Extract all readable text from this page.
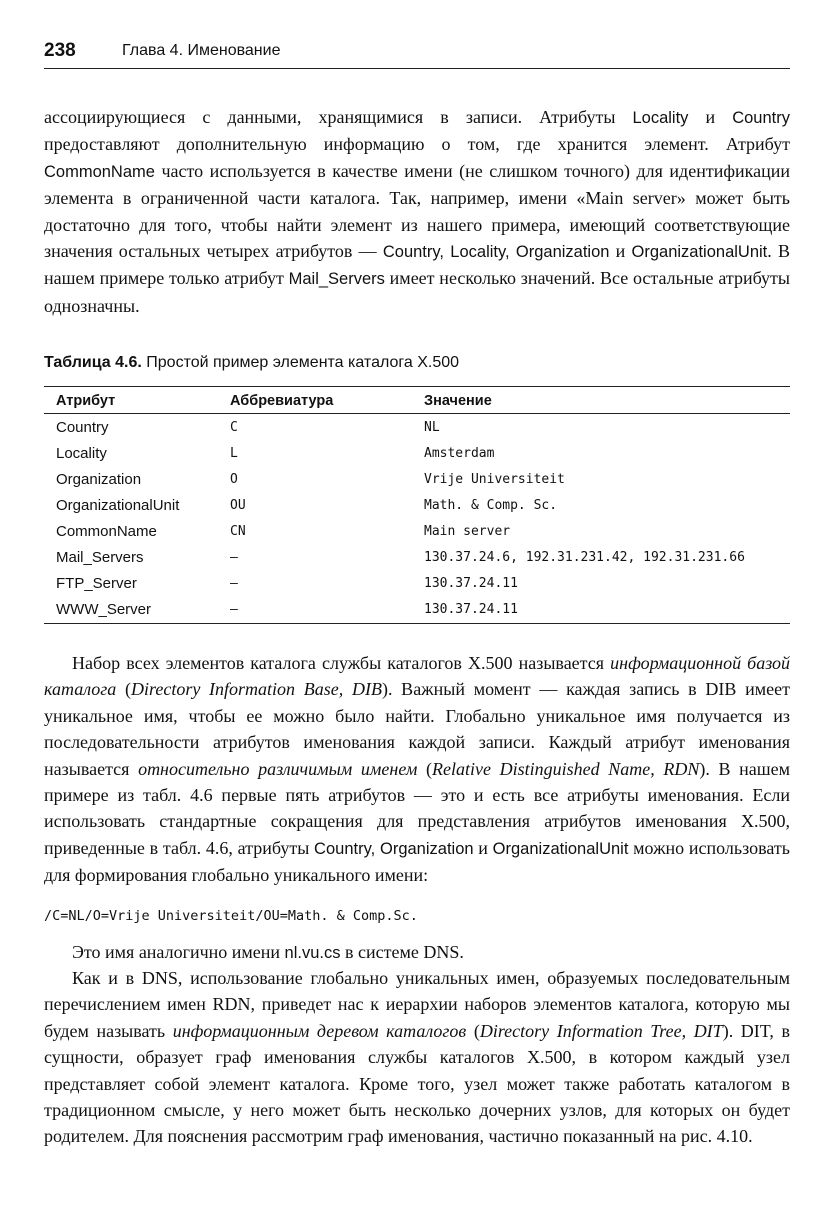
238	Глава 4. Именование

ассоциирующиеся с данными, хранящимися в записи. Атрибуты Locality и Country предоставляют дополнительную информацию о том, где хранится элемент. Атрибут CommonName часто используется в качестве имени (не слишком точного) для идентификации элемента в ограниченной части каталога. Так, например, имени «Main server» может быть достаточно для того, чтобы найти элемент из нашего примера, имеющий соответствующие значения остальных четырех атрибутов — Country, Locality, Organization и OrganizationalUnit. В нашем примере только атрибут Mail_Servers имеет несколько значений. Все остальные атрибуты однозначны.

Таблица 4.6. Простой пример элемента каталога X.500
Атрибут	Аббревиатура	Значение
Country	C	NL
Locality	L	Amsterdam
Organization	O	Vrije Universiteit
OrganizationalUnit	OU	Math. & Comp. Sc.
CommonName	CN	Main server
Mail_Servers	–	130.37.24.6, 192.31.231.42, 192.31.231.66
FTP_Server	–	130.37.24.11
WWW_Server	–	130.37.24.11

Набор всех элементов каталога службы каталогов X.500 называется информационной базой каталога (Directory Information Base, DIB). Важный момент — каждая запись в DIB имеет уникальное имя, чтобы ее можно было найти. Глобально уникальное имя получается из последовательности атрибутов именования каждой записи. Каждый атрибут именования называется относительно различимым именем (Relative Distinguished Name, RDN). В нашем примере из табл. 4.6 первые пять атрибутов — это и есть все атрибуты именования. Если использовать стандартные сокращения для представления атрибутов именования X.500, приведенные в табл. 4.6, атрибуты Country, Organization и OrganizationalUnit можно использовать для формирования глобально уникального имени:

/C=NL/O=Vrije Universiteit/OU=Math. & Comp.Sc.

Это имя аналогично имени nl.vu.cs в системе DNS.

Как и в DNS, использование глобально уникальных имен, образуемых последовательным перечислением имен RDN, приведет нас к иерархии наборов элементов каталога, которую мы будем называть информационным деревом каталогов (Directory Information Tree, DIT). DIT, в сущности, образует граф именования службы каталогов X.500, в котором каждый узел представляет собой элемент каталога. Кроме того, узел может также работать каталогом в традиционном смысле, у него может быть несколько дочерних узлов, для которых он будет родителем. Для пояснения рассмотрим граф именования, частично показанный на рис. 4.10.
